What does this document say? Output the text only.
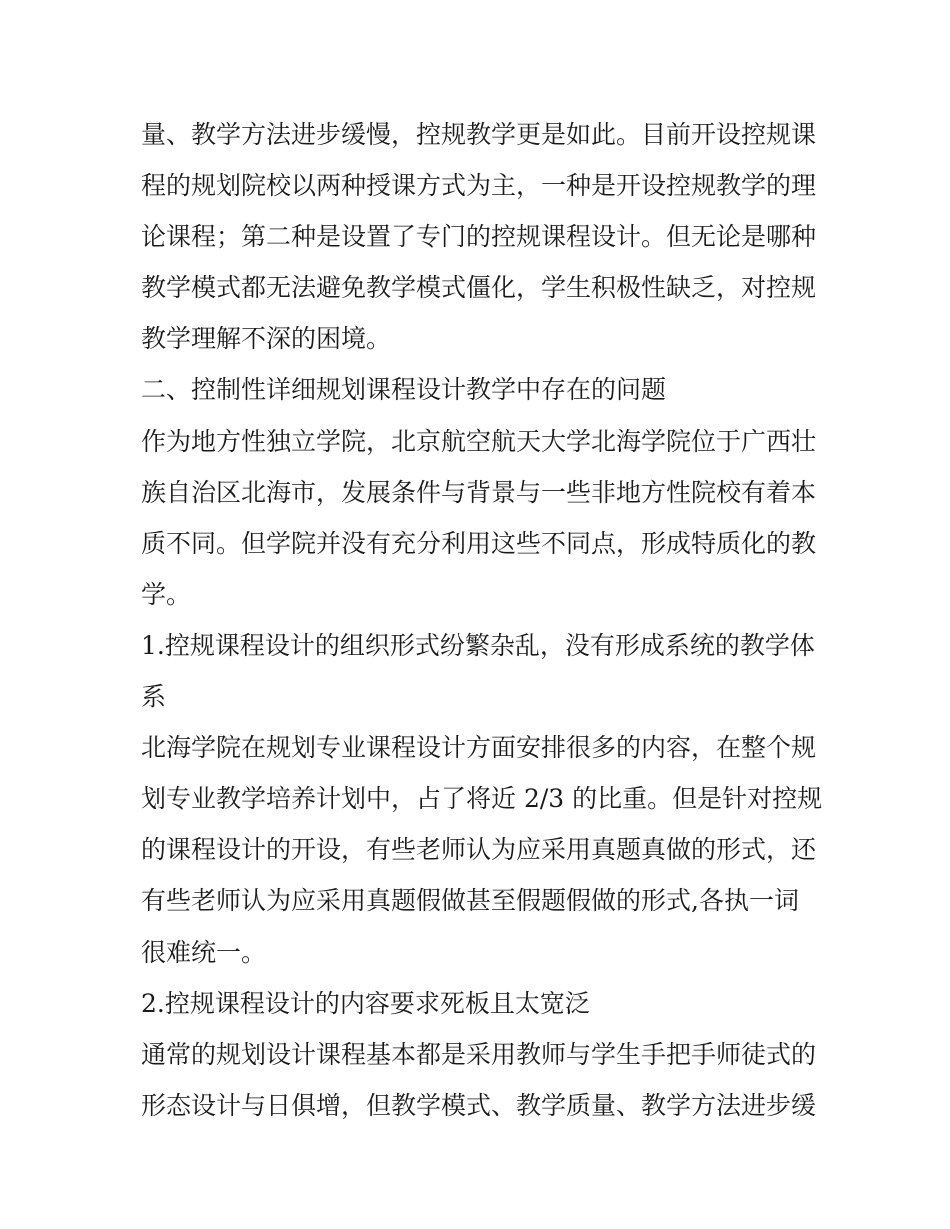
量、教学方法进步缓慢，控规教学更是如此。目前开设控规课
程的规划院校以两种授课方式为主，一种是开设控规教学的理
论课程；第二种是设置了专门的控规课程设计。但无论是哪种
教学模式都无法避免教学模式僵化，学生积极性缺乏，对控规
教学理解不深的困境。
二、控制性详细规划课程设计教学中存在的问题
作为地方性独立学院，北京航空航天大学北海学院位于广西壮
族自治区北海市，发展条件与背景与一些非地方性院校有着本
质不同。但学院并没有充分利用这些不同点，形成特质化的教
学。
1.控规课程设计的组织形式纷繁杂乱，没有形成系统的教学体
系
北海学院在规划专业课程设计方面安排很多的内容，在整个规
划专业教学培养计划中，占了将近 2/3 的比重。但是针对控规
的课程设计的开设，有些老师认为应采用真题真做的形式，还
有些老师认为应采用真题假做甚至假题假做的形式,各执一词
很难统一。
2.控规课程设计的内容要求死板且太宽泛
通常的规划设计课程基本都是采用教师与学生手把手师徒式的
形态设计与日俱增，但教学模式、教学质量、教学方法进步缓
